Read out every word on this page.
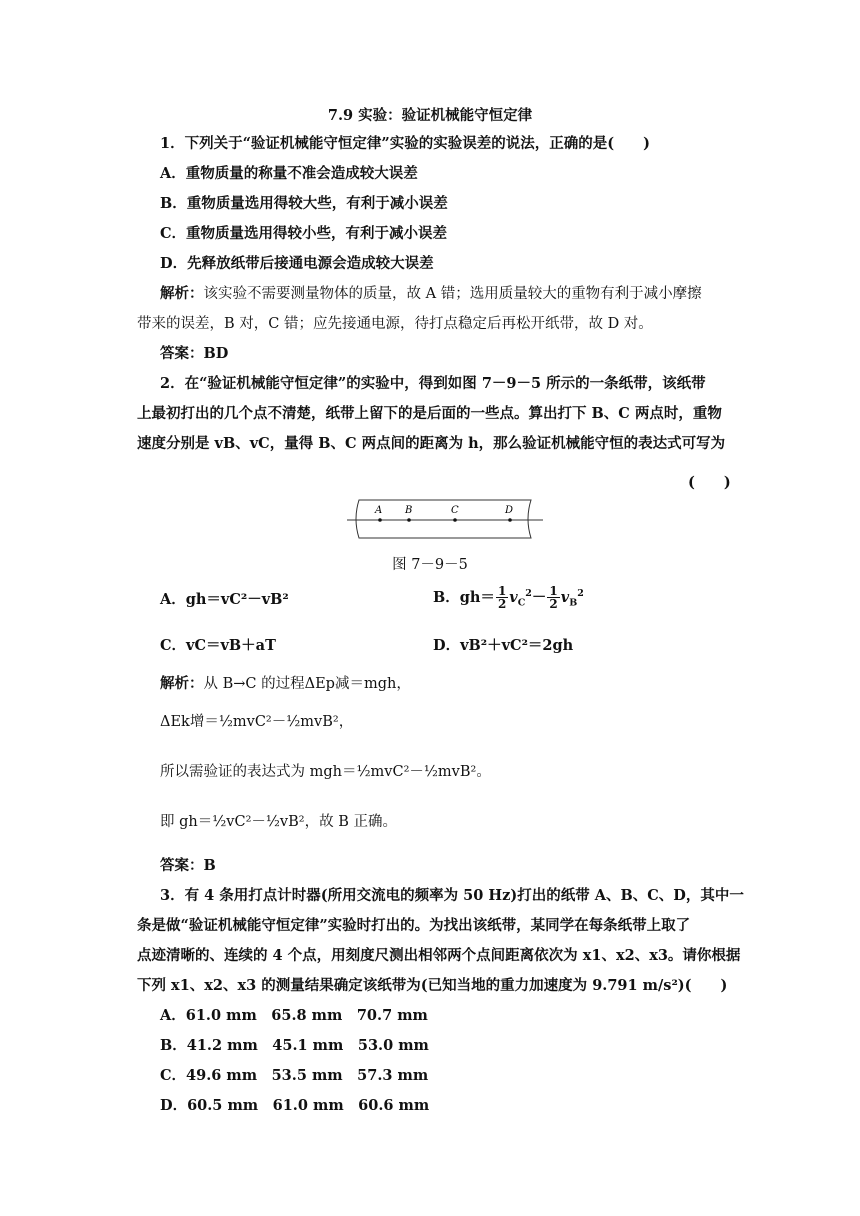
7.9 实验：验证机械能守恒定律
1．下列关于“验证机械能守恒定律”实验的实验误差的说法，正确的是(　　)
A．重物质量的称量不准会造成较大误差
B．重物质量选用得较大些，有利于减小误差
C．重物质量选用得较小些，有利于减小误差
D．先释放纸带后接通电源会造成较大误差
解析：该实验不需要测量物体的质量，故 A 错；选用质量较大的重物有利于减小摩擦
带来的误差，B 对，C 错；应先接通电源，待打点稳定后再松开纸带，故 D 对。
答案：BD
2．在“验证机械能守恒定律”的实验中，得到如图 7－9－5 所示的一条纸带，该纸带
上最初打出的几个点不清楚，纸带上留下的是后面的一些点。算出打下 B、C 两点时，重物
速度分别是 vB、vC，量得 B、C 两点间的距离为 h，那么验证机械能守恒的表达式可写为
(　　)
A B	C	D
图 7－9－5
A．gh＝vC²－vB²	B．$gh= \frac{1}{2} v_C^2- \frac{1}{2} v_B^2$
C．vC＝vB＋aT	D．vB²＋vC²＝2gh
解析：从 B→C 的过程ΔEp减＝mgh，
ΔEk增＝½mvC²－½mvB²，
所以需验证的表达式为 mgh＝½mvC²－½mvB²。
即 gh＝½vC²－½vB²，故 B 正确。
答案：B
3．有 4 条用打点计时器(所用交流电的频率为 50 Hz)打出的纸带 A、B、C、D，其中一
条是做“验证机械能守恒定律”实验时打出的。为找出该纸带，某同学在每条纸带上取了
点迹清晰的、连续的 4 个点，用刻度尺测出相邻两个点间距离依次为 x1、x2、x3。请你根据
下列 x1、x2、x3 的测量结果确定该纸带为(已知当地的重力加速度为 9.791 m/s²)(　　)
A．61.0 mm　65.8 mm　70.7 mm
B．41.2 mm　45.1 mm　53.0 mm
C．49.6 mm　53.5 mm　57.3 mm
D．60.5 mm　61.0 mm　60.6 mm
